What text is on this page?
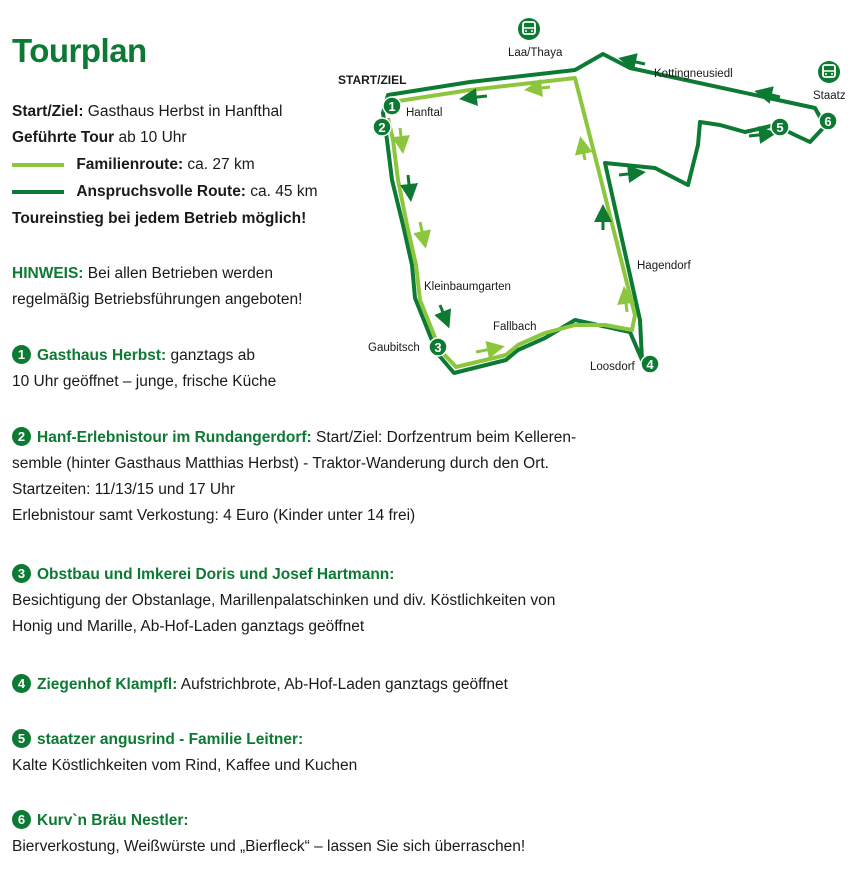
Tourplan
Start/Ziel: Gasthaus Herbst in Hanfthal
Geführte Tour ab 10 Uhr
Familienroute: ca. 27 km
Anspruchsvolle Route: ca. 45 km
Toureinstieg bei jedem Betrieb möglich!
HINWEIS: Bei allen Betrieben werden
regelmäßig Betriebsführungen angeboten!
1 Gasthaus Herbst: ganztags ab
10 Uhr geöffnet – junge, frische Küche
2 Hanf-Erlebnistour im Rundangerdorf: Start/Ziel: Dorfzentrum beim Kelleren-
semble (hinter Gasthaus Matthias Herbst) - Traktor-Wanderung durch den Ort.
Startzeiten: 11/13/15 und 17 Uhr
Erlebnistour samt Verkostung: 4 Euro (Kinder unter 14 frei)
3 Obstbau und Imkerei Doris und Josef Hartmann:
Besichtigung der Obstanlage, Marillenpalatschinken und div. Köstlichkeiten von
Honig und Marille, Ab-Hof-Laden ganztags geöffnet
4 Ziegenhof Klampfl: Aufstrichbrote, Ab-Hof-Laden ganztags geöffnet
5 staatzer angusrind - Familie Leitner:
Kalte Köstlichkeiten vom Rind, Kaffee und Kuchen
6 Kurv`n Bräu Nestler:
Bierverkostung, Weißwürste und „Bierfleck“ – lassen Sie sich überraschen!
1
2
3
4
5	6
START/ZIEL
Laa/Thaya
Kottingneusiedl
Staatz
Hanftal
Hagendorf
Kleinbaumgarten
Fallbach
Gaubitsch
Loosdorf
